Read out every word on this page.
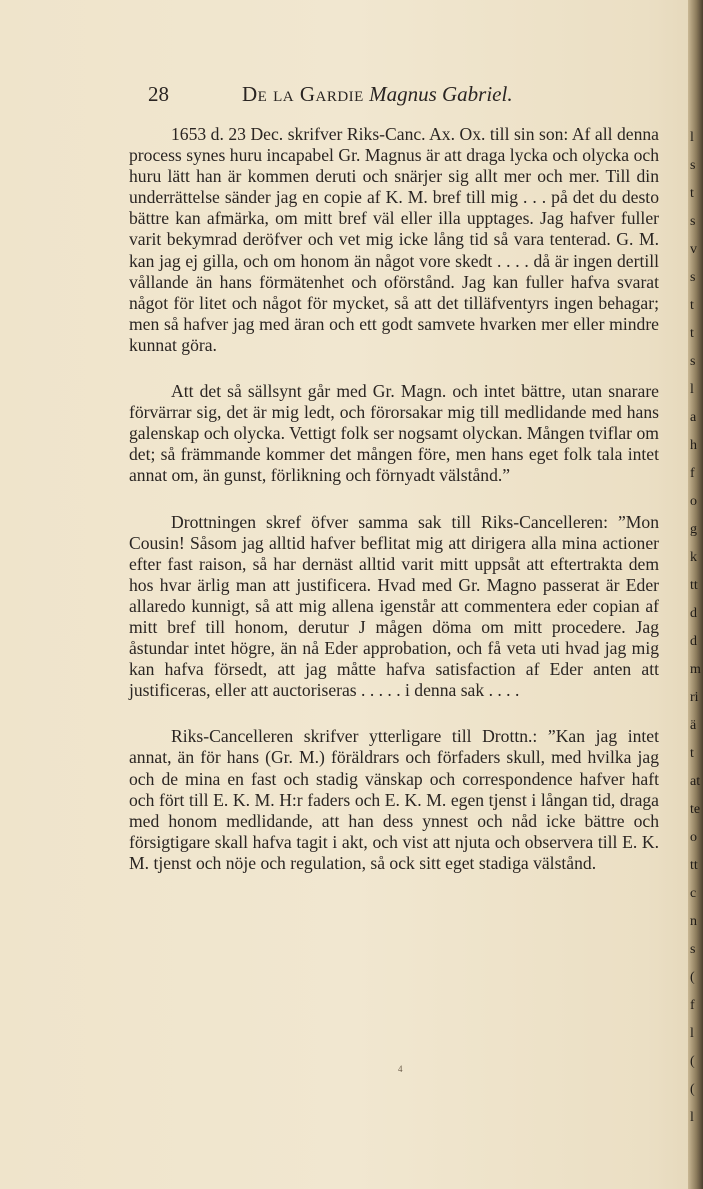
28	De la Gardie Magnus Gabriel.

1653 d. 23 Dec. skrifver Riks-Canc. Ax. Ox. till sin son: Af all denna process synes huru incapabel Gr. Magnus är att draga lycka och olycka och huru lätt han är kommen deruti och snärjer sig allt mer och mer. Till din underrättelse sänder jag en copie af K. M. bref till mig . . . på det du desto bättre kan afmärka, om mitt bref väl eller illa upptages. Jag hafver fuller varit bekymrad deröfver och vet mig icke lång tid så vara tenterad. G. M. kan jag ej gilla, och om honom än något vore skedt . . . . då är ingen dertill vållande än hans förmätenhet och oförstånd. Jag kan fuller hafva svarat något för litet och något för mycket, så att det tilläfventyrs ingen behagar; men så hafver jag med äran och ett godt samvete hvarken mer eller mindre kunnat göra.

Att det så sällsynt går med Gr. Magn. och intet bättre, utan snarare förvärrar sig, det är mig ledt, och förorsakar mig till medlidande med hans galenskap och olycka. Vettigt folk ser nogsamt olyckan. Mången tviflar om det; så främmande kommer det mången före, men hans eget folk tala intet annat om, än gunst, förlikning och förnyadt välstånd.”

Drottningen skref öfver samma sak till Riks-Cancelleren: ”Mon Cousin! Såsom jag alltid hafver beflitat mig att dirigera alla mina actioner efter fast raison, så har dernäst alltid varit mitt uppsåt att eftertrakta dem hos hvar ärlig man att justificera. Hvad med Gr. Magno passerat är Eder allaredo kunnigt, så att mig allena igenstår att commentera eder copian af mitt bref till honom, derutur J mågen döma om mitt procedere. Jag åstundar intet högre, än nå Eder approbation, och få veta uti hvad jag mig kan hafva försedt, att jag måtte hafva satisfaction af Eder anten att justificeras, eller att auctoriseras . . . . . i denna sak . . . .

Riks-Cancelleren skrifver ytterligare till Drottn.: ”Kan jag intet annat, än för hans (Gr. M.) föräldrars och förfaders skull, med hvilka jag och de mina en fast och stadig vänskap och correspondence hafver haft och fört till E. K. M. H:r faders och E. K. M. egen tjenst i långan tid, draga med honom medlidande, att han dess ynnest och nåd icke bättre och försigtigare skall hafva tagit i akt, och vist att njuta och observera till E. K. M. tjenst och nöje och regulation, så ock sitt eget stadiga välstånd.

4
l
s
t
s
v
s
t
t
s
l
a
h
f
o
g
k
tt
d
d
m
ri
ä
t
at
te
o
tt
c
n
s
(
f
l
(
(
l
